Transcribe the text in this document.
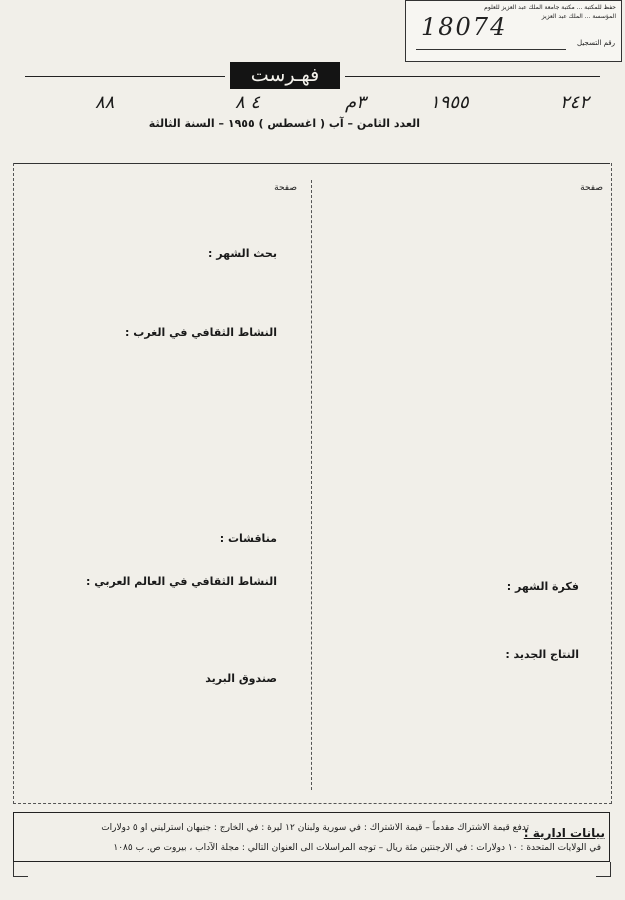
حفظ للمكتبة ... مكتبة جامعة الملك عبد العزيز للعلوم
المؤسسة ... الملك عبد العزيز
18074
رقم التسجيل
فهـرست
٢٤٢
١٩٥٥
٣م
٤ ٨
٨٨
العدد الثامن – آب ( اغسطس ) ١٩٥٥ – السنة الثالثة
صفحة
صفحة
فكرة الشهر :
النتاج الجديد :
بحث الشهر :
النشاط الثقافي في الغرب :
مناقشات :
النشاط الثقافي في العالم العربي :
صندوق البريد
بيانات ادارية :
تدفع قيمة الاشتراك مقدماً – قيمة الاشتراك : في سورية ولبنان ١٢ ليرة : في الخارج : جنيهان استرليني او ٥ دولارات
في الولايات المتحدة : ١٠ دولارات : في الارجنتين مئة ريال – توجه المراسلات الى العنوان التالي : مجلة الآداب ، بيروت ص. ب ١٠٨٥
